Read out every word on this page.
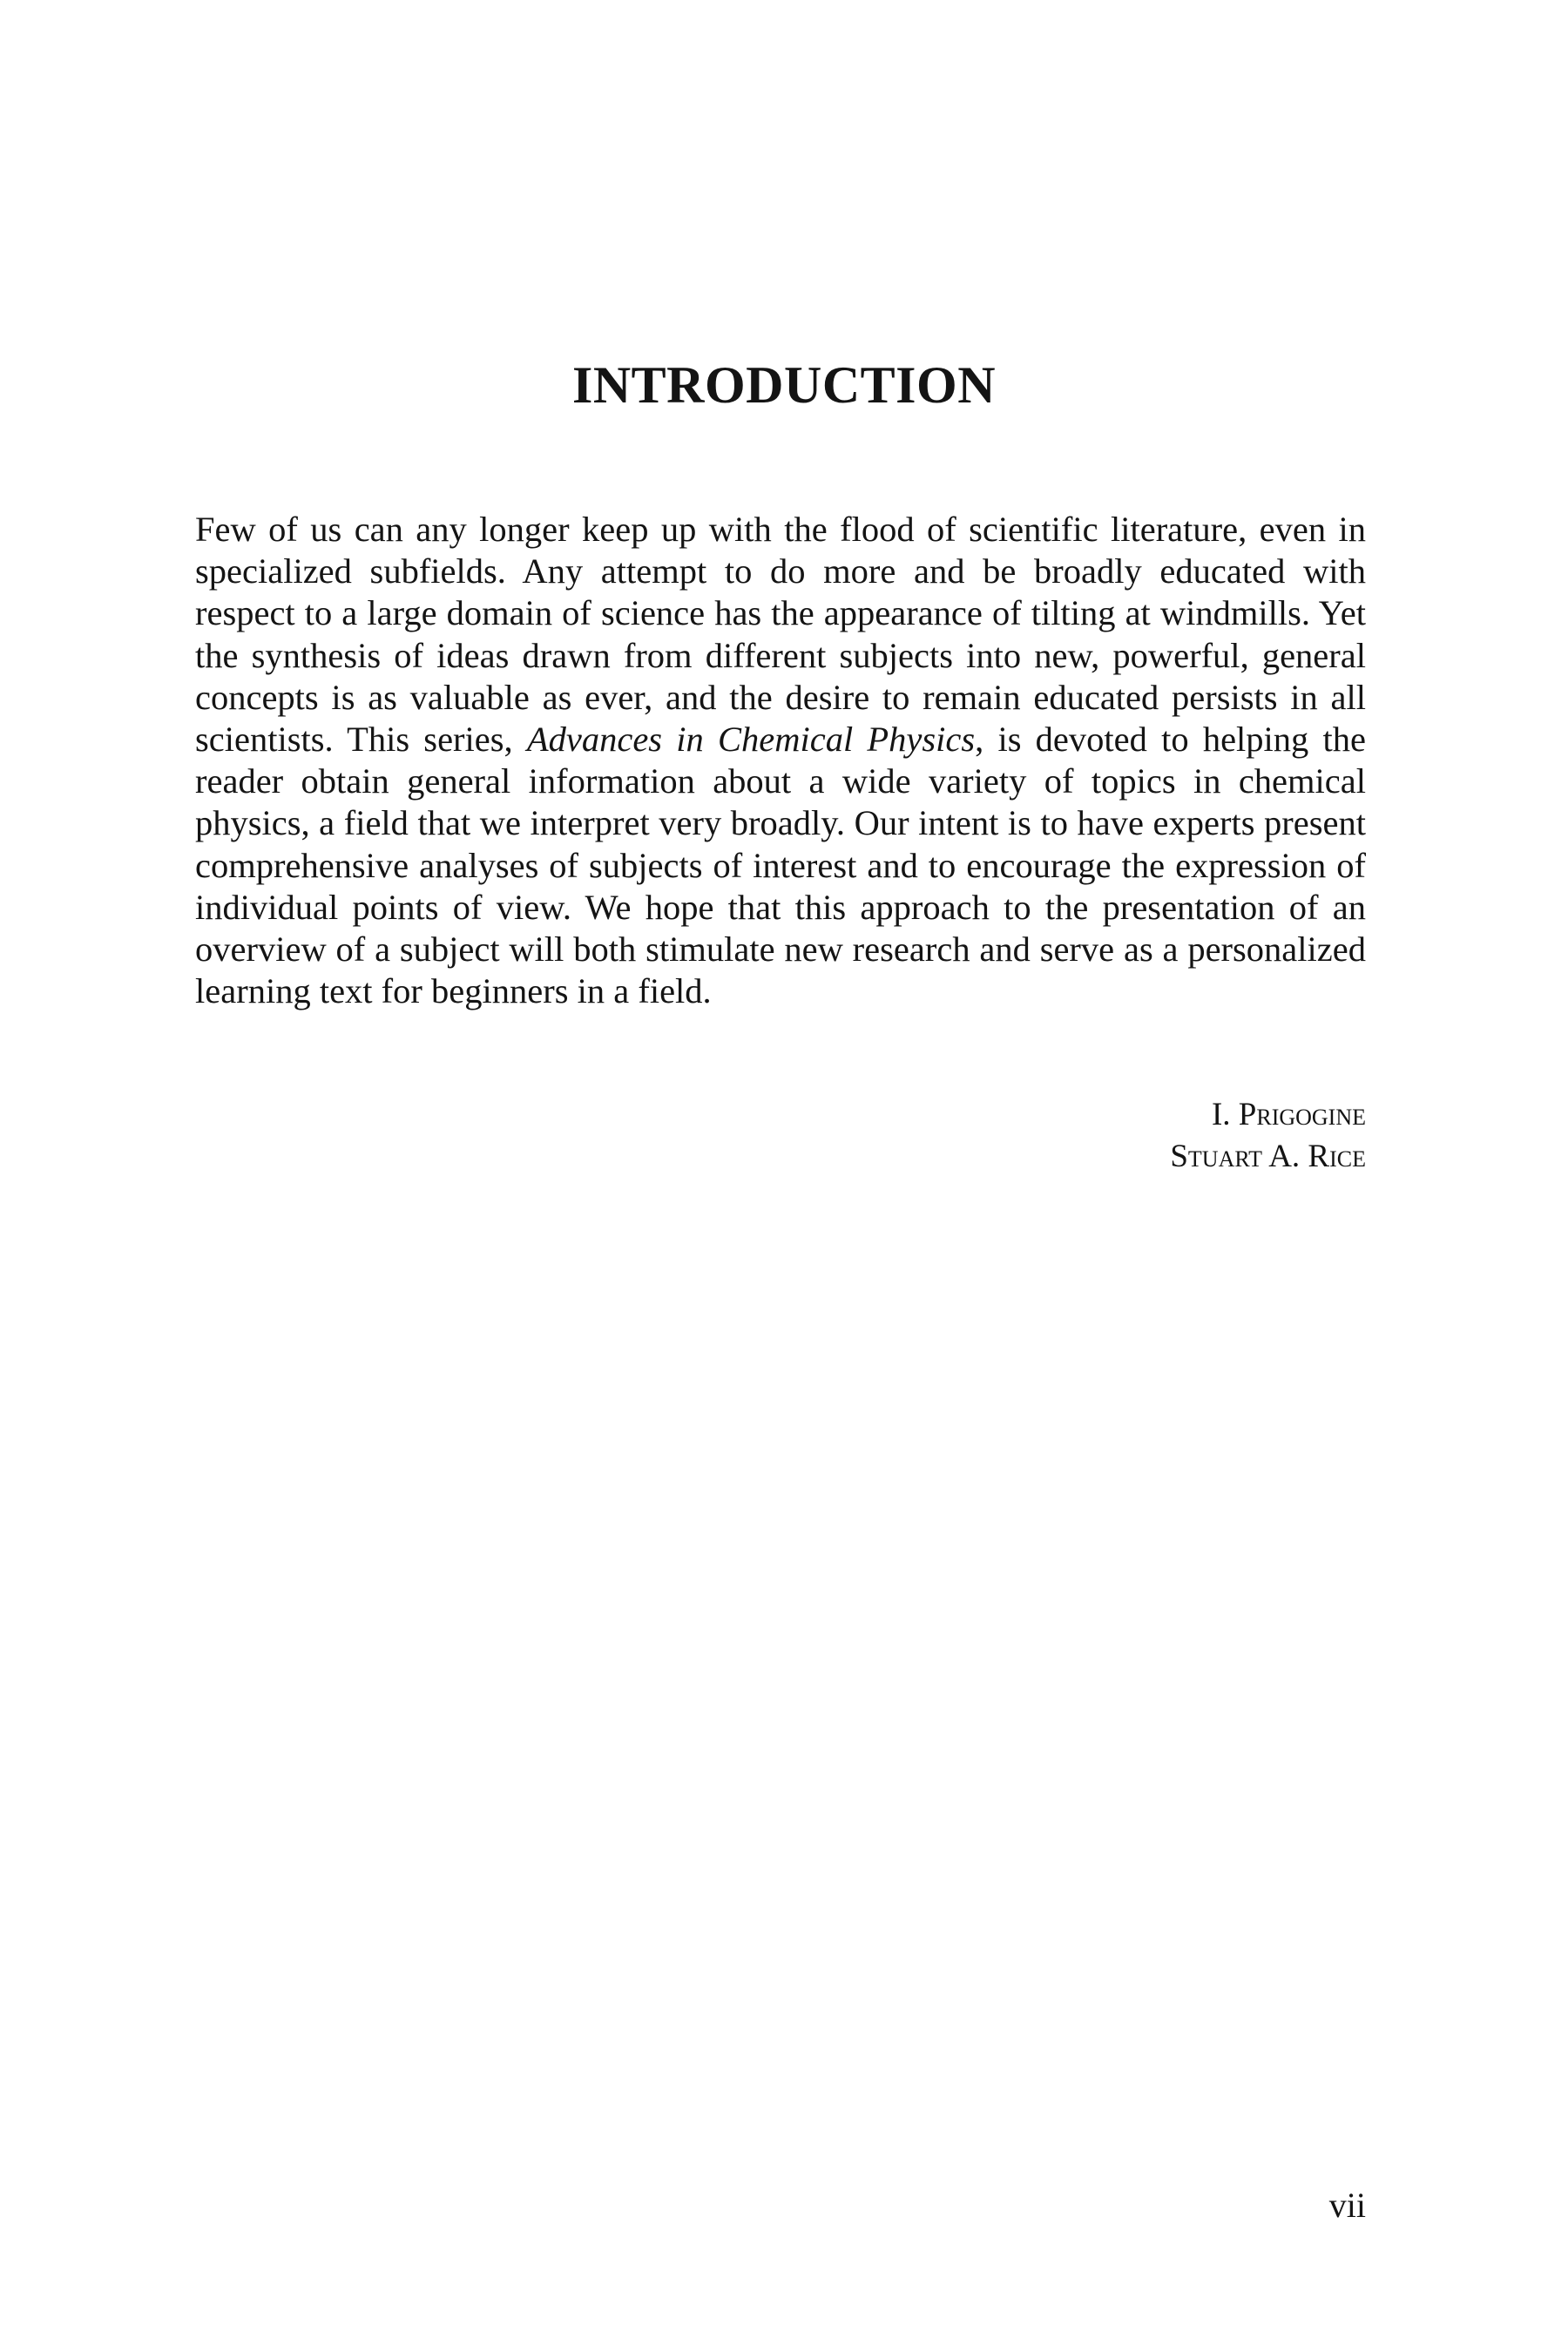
INTRODUCTION

Few of us can any longer keep up with the flood of scientific literature, even in specialized subfields. Any attempt to do more and be broadly educated with respect to a large domain of science has the appearance of tilting at windmills. Yet the synthesis of ideas drawn from different subjects into new, powerful, general concepts is as valuable as ever, and the desire to remain educated persists in all scientists. This series, Advances in Chemical Physics, is devoted to helping the reader obtain general information about a wide variety of topics in chemical physics, a field that we interpret very broadly. Our intent is to have experts present comprehensive analyses of subjects of interest and to encourage the expression of individual points of view. We hope that this approach to the presentation of an overview of a subject will both stimulate new research and serve as a personalized learning text for beginners in a field.

I. Prigogine
Stuart A. Rice
vii
